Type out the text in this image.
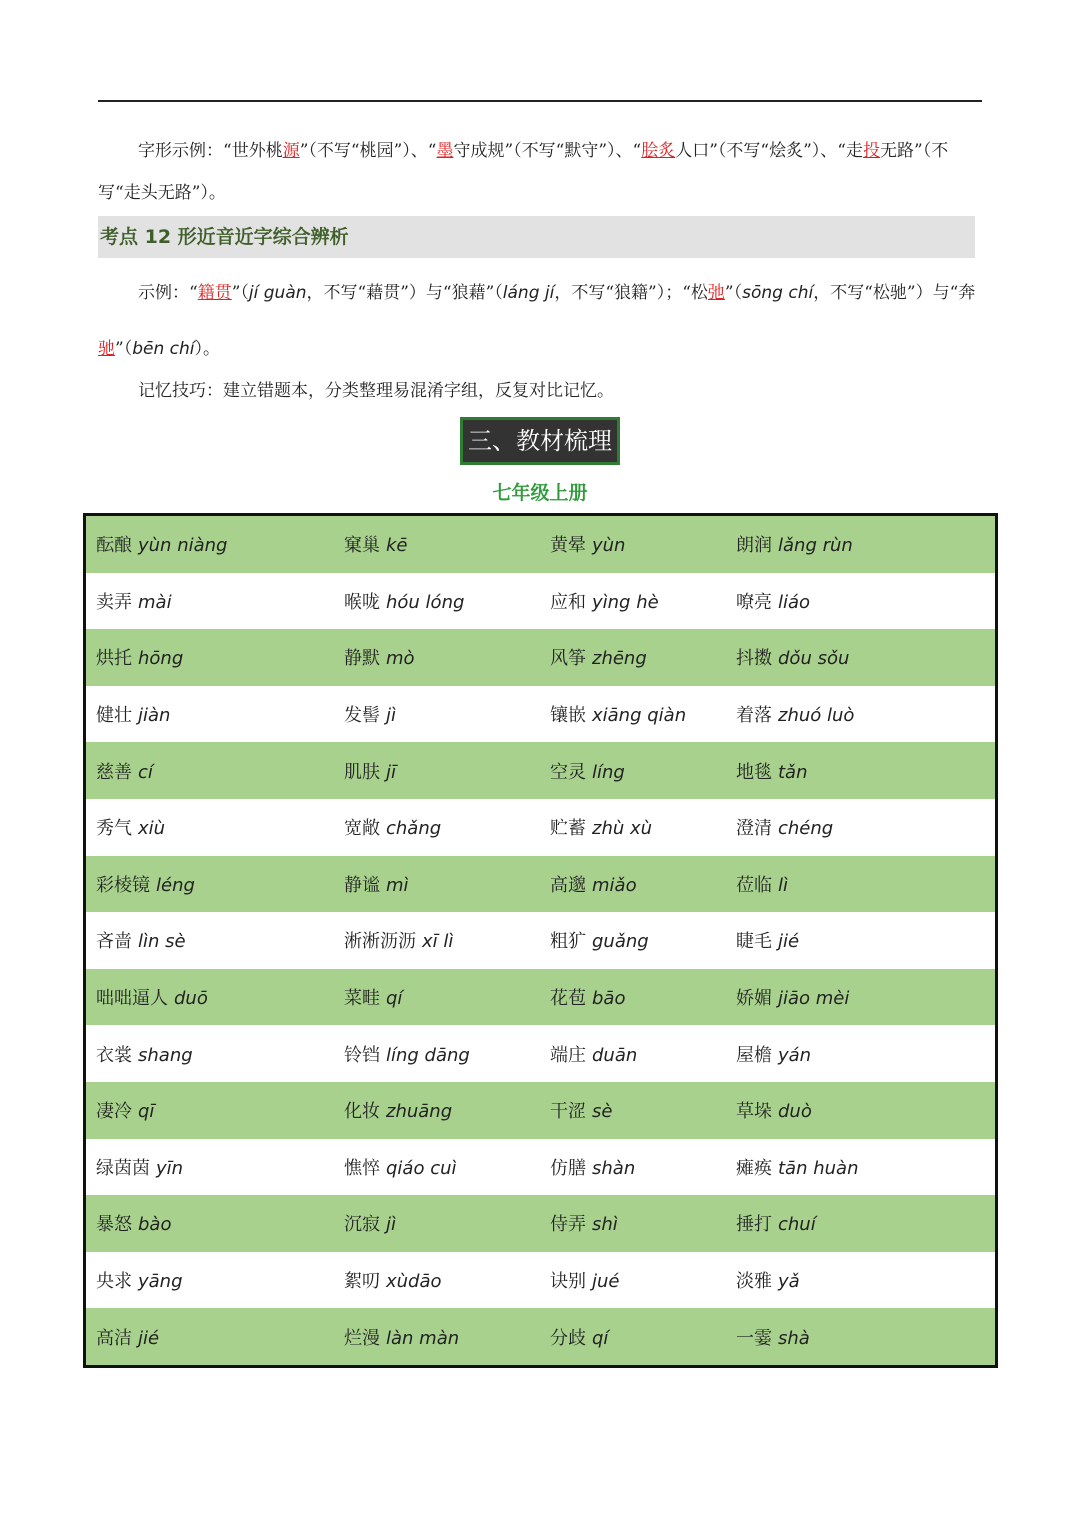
字形示例：“世外桃源”（不写“桃园”）、“墨守成规”（不写“默守”）、“脍炙人口”（不写“烩炙”）、“走投无路”（不写“走头无路”）。
考点 12 形近音近字综合辨析
示例：“籍贯”（jí guàn，不写“藉贯”）与“狼藉”（láng jí，不写“狼籍”）；“松弛”（sōng chí，不写“松驰”）与“奔驰”（bēn chí）。
记忆技巧：建立错题本，分类整理易混淆字组，反复对比记忆。
三、教材梳理
七年级上册
酝酿 yùn niàng	窠巢 kē	黄晕 yùn	朗润 lǎng rùn
卖弄 mài	喉咙 hóu lóng	应和 yìng hè	嘹亮 liáo
烘托 hōng	静默 mò	风筝 zhēng	抖擞 dǒu sǒu
健壮 jiàn	发髻 jì	镶嵌 xiāng qiàn	着落 zhuó luò
慈善 cí	肌肤 jī	空灵 líng	地毯 tǎn
秀气 xiù	宽敞 chǎng	贮蓄 zhù xù	澄清 chéng
彩棱镜 léng	静谧 mì	高邈 miǎo	莅临 lì
吝啬 lìn sè	淅淅沥沥 xī lì	粗犷 guǎng	睫毛 jié
咄咄逼人 duō	菜畦 qí	花苞 bāo	娇媚 jiāo mèi
衣裳 shang	铃铛 líng dāng	端庄 duān	屋檐 yán
凄冷 qī	化妆 zhuāng	干涩 sè	草垛 duò
绿茵茵 yīn	憔悴 qiáo cuì	仿膳 shàn	瘫痪 tān huàn
暴怒 bào	沉寂 jì	侍弄 shì	捶打 chuí
央求 yāng	絮叨 xùdāo	诀别 jué	淡雅 yǎ
高洁 jié	烂漫 làn màn	分歧 qí	一霎 shà
